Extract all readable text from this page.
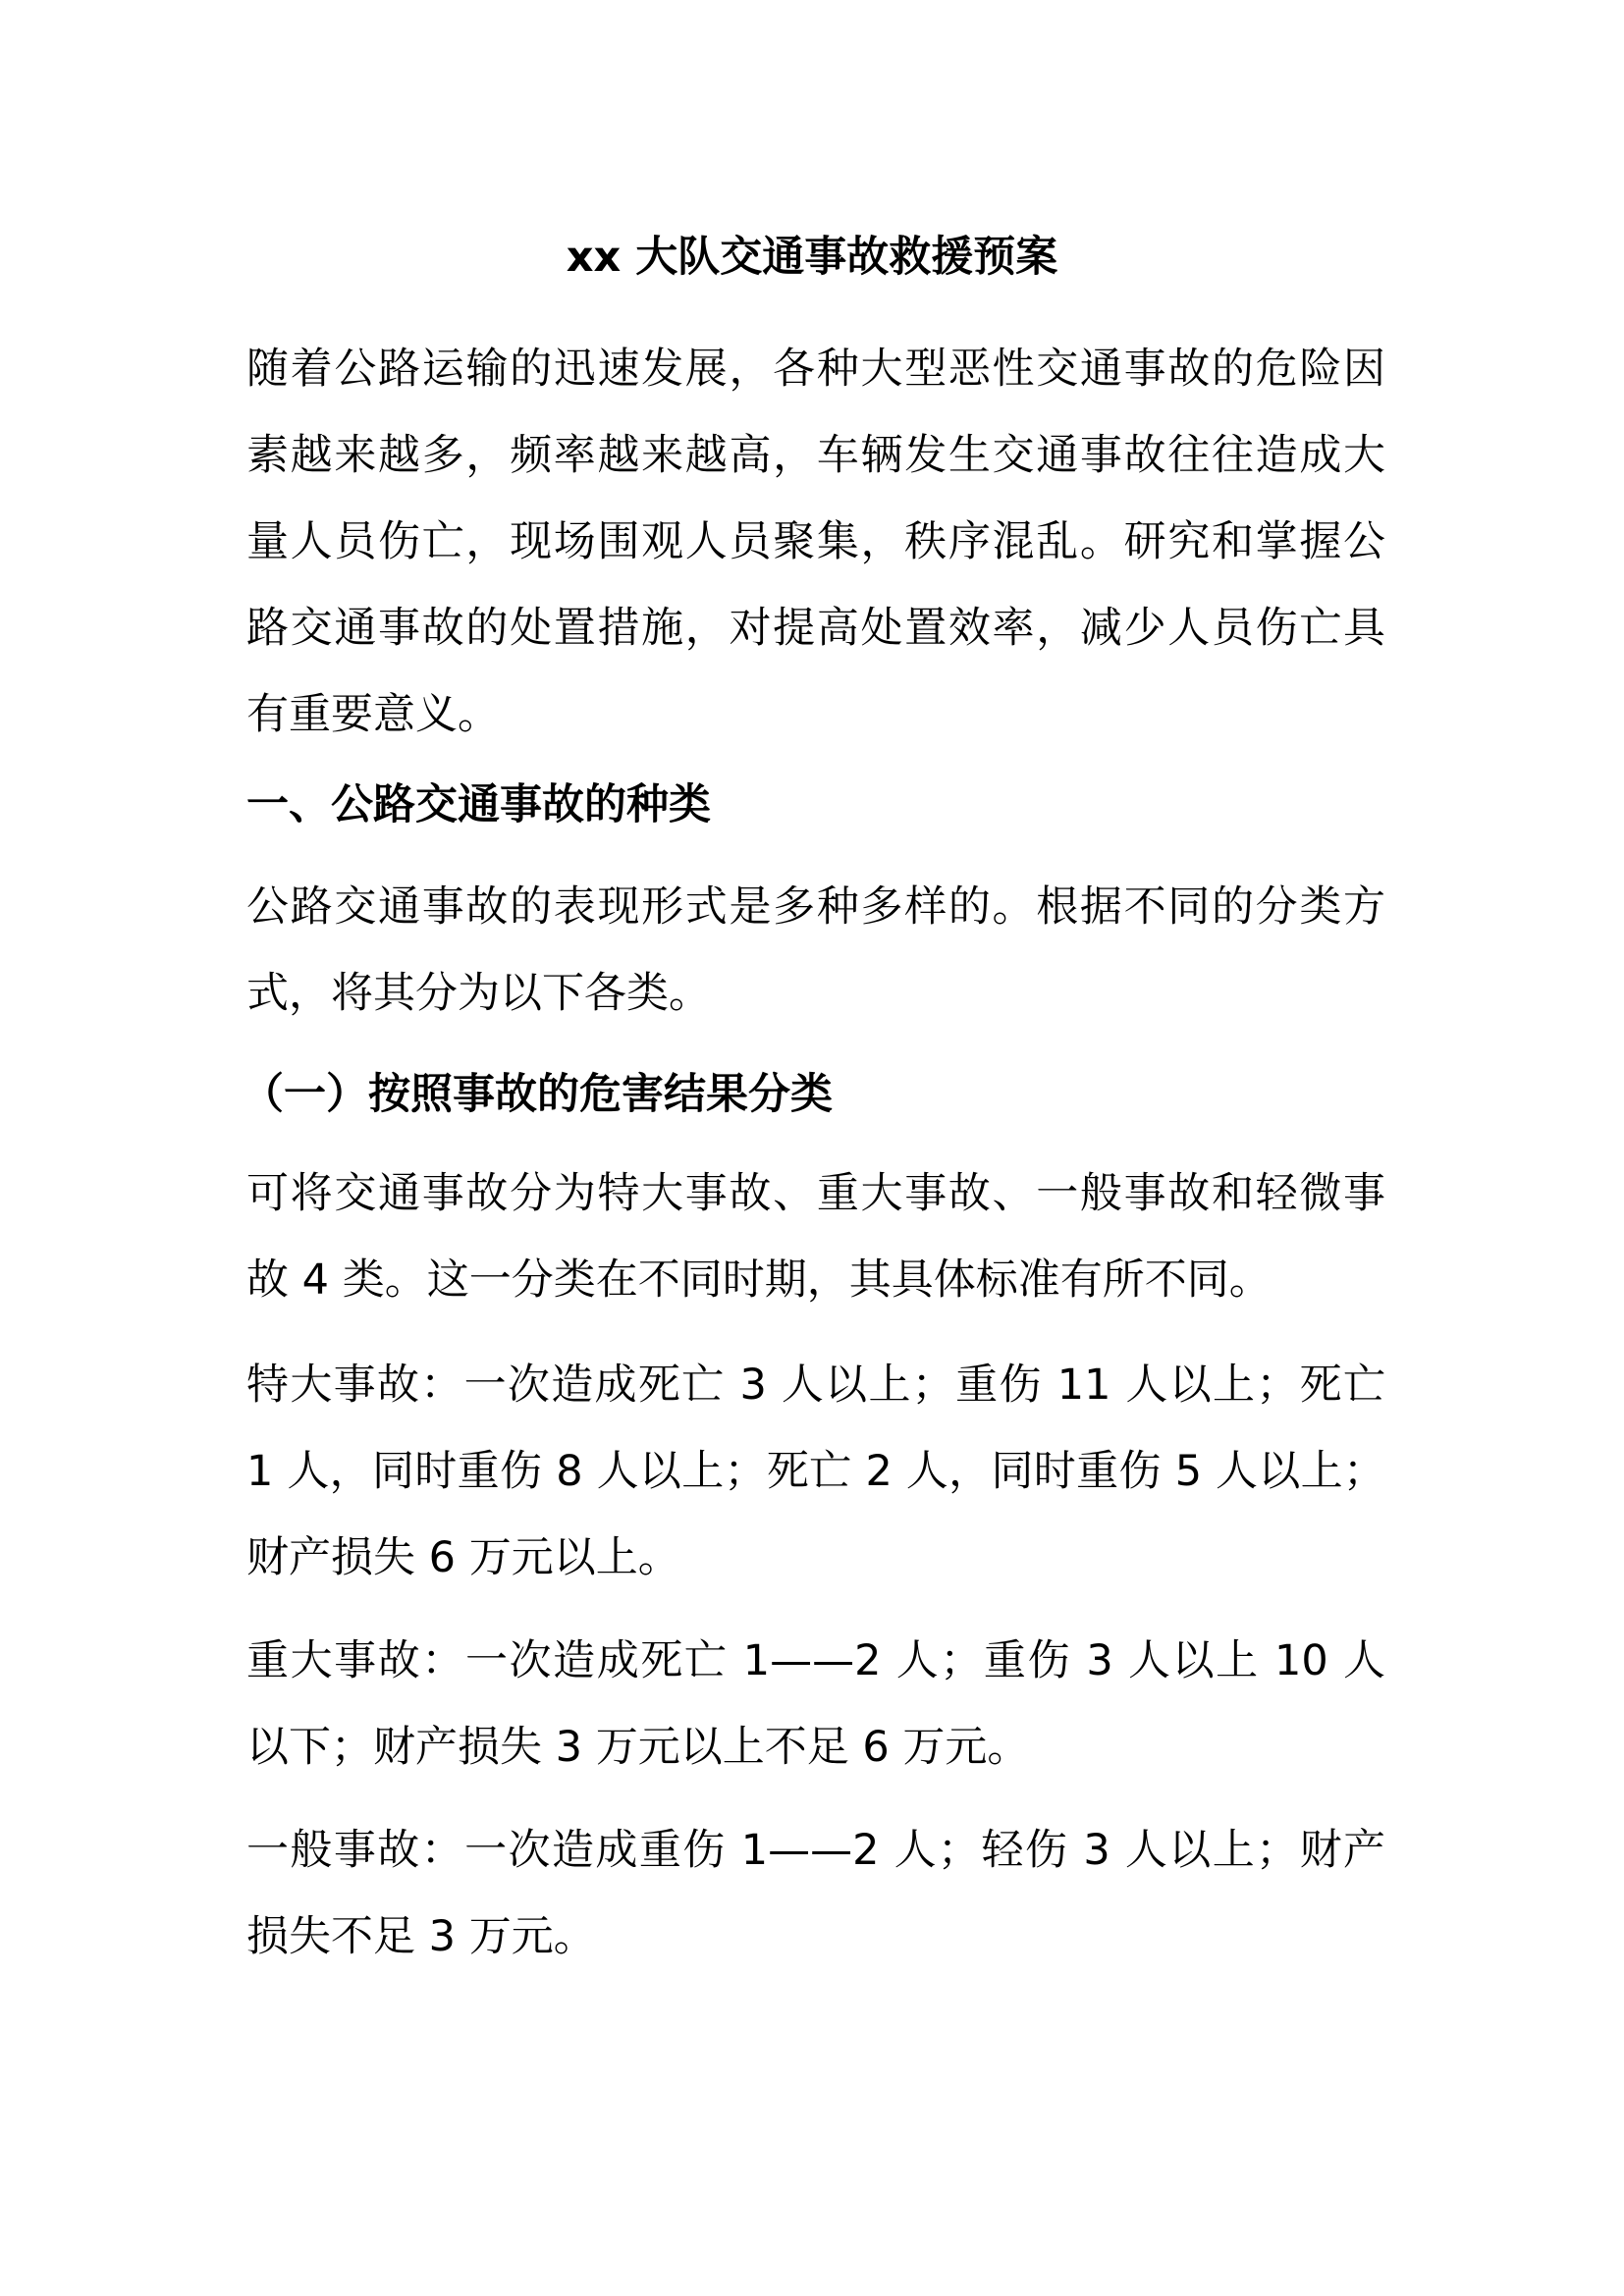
xx 大队交通事故救援预案

随着公路运输的迅速发展，各种大型恶性交通事故的危险因素越来越多，频率越来越高，车辆发生交通事故往往造成大量人员伤亡，现场围观人员聚集，秩序混乱。研究和掌握公路交通事故的处置措施，对提高处置效率，减少人员伤亡具有重要意义。

一、公路交通事故的种类

公路交通事故的表现形式是多种多样的。根据不同的分类方式，将其分为以下各类。

（一）按照事故的危害结果分类

可将交通事故分为特大事故、重大事故、一般事故和轻微事故 4 类。这一分类在不同时期，其具体标准有所不同。

特大事故：一次造成死亡 3 人以上；重伤 11 人以上；死亡 1 人，同时重伤 8 人以上；死亡 2 人，同时重伤 5 人以上；财产损失 6 万元以上。

重大事故：一次造成死亡 1——2 人；重伤 3 人以上 10 人以下；财产损失 3 万元以上不足 6 万元。

一般事故：一次造成重伤 1——2 人；轻伤 3 人以上；财产损失不足 3 万元。
